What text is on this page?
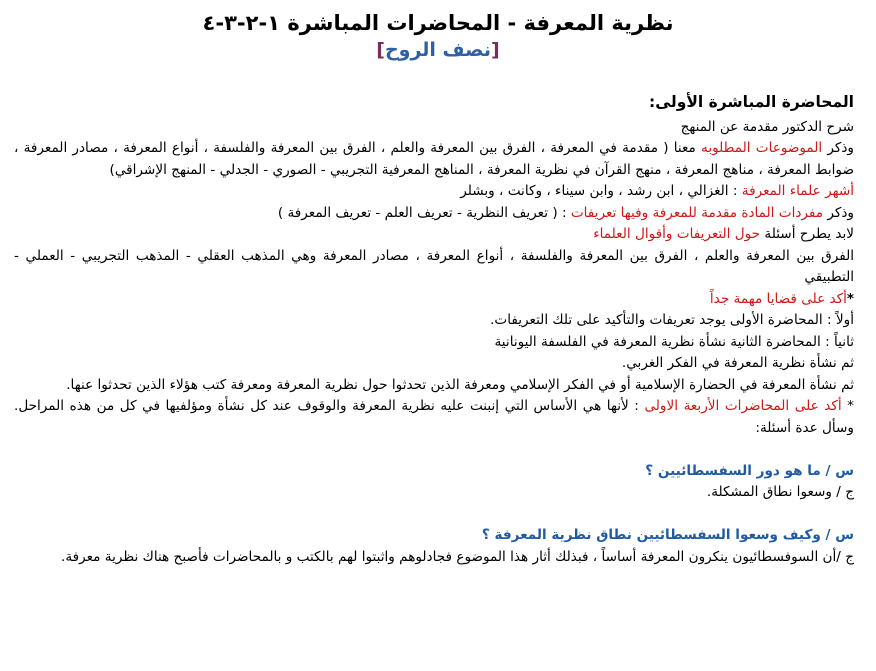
نظرية المعرفة - المحاضرات المباشرة ١-٢-٣-٤
[نصف الروح]

المحاضرة المباشرة الأولى:

شرح الدكتور مقدمة عن المنهج

وذكر الموضوعات المطلوبه معنا ( مقدمة في المعرفة ، الفرق بين المعرفة والعلم ، الفرق بين المعرفة والفلسفة ، أنواع المعرفة ، مصادر المعرفة ، ضوابط المعرفة ، مناهج المعرفة ، منهج القرآن في نظرية المعرفة ، المناهج المعرفية التجريبي - الصوري - الجدلي - المنهج الإشراقي)

أشهر علماء المعرفة : الغزالي ، ابن رشد ، وابن سيناء ، وكانت ، وبشلر

وذكر مفردات المادة مقدمة للمعرفة وفيها تعريفات : ( تعريف النظرية - تعريف العلم - تعريف المعرفة )

لابد يطرح أسئلة حول التعريفات وأقوال العلماء

الفرق بين المعرفة والعلم ، الفرق بين المعرفة والفلسفة ، أنواع المعرفة ، مصادر المعرفة وهي المذهب العقلي - المذهب التجريبي - العملي - التطبيقي

*أكد على قضايا مهمة جداً

أولاً : المحاضرة الأولى يوجد تعريفات والتأكيد على تلك التعريفات.

ثانياً : المحاضرة الثانية نشأة نظرية المعرفة في الفلسفة اليونانية

ثم نشأة نظرية المعرفة في الفكر الغربي.

ثم نشأة المعرفة في الحضارة الإسلامية أو في الفكر الإسلامي ومعرفة الذين تحدثوا حول نظرية المعرفة ومعرفة كتب هؤلاء الذين تحدثوا عنها.

* أكد على المحاضرات الأربعة الاولى : لأنها هي الأساس التي إنبنت عليه نظرية المعرفة والوقوف عند كل نشأة ومؤلفيها في كل من هذه المراحل. وسأل عدة أسئلة:

س / ما هو دور السفسطائيين ؟

ج / وسعوا نطاق المشكلة.

س / وكيف وسعوا السفسطائيين نطاق نظرية المعرفة ؟

ج /أن السوفسطائيون ينكرون المعرفة أساساً ، فبذلك أثار هذا الموضوع فجادلوهم واثبتوا لهم بالكتب و بالمحاضرات فأصبح هناك نظرية معرفة.
